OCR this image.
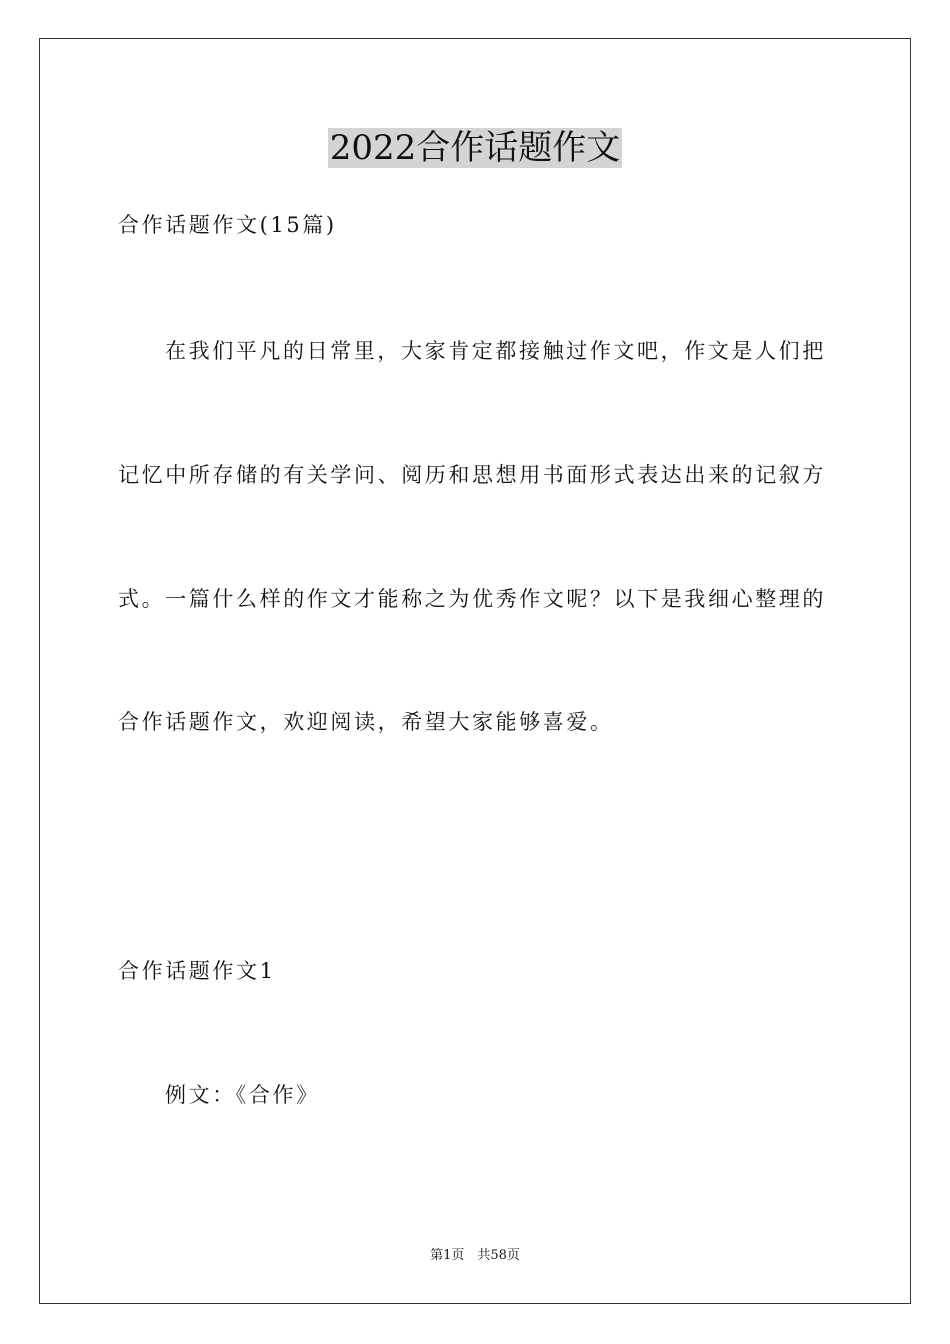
2022合作话题作文

合作话题作文(15篇)

在我们平凡的日常里，大家肯定都接触过作文吧，作文是人们把

记忆中所存储的有关学问、阅历和思想用书面形式表达出来的记叙方

式。一篇什么样的作文才能称之为优秀作文呢？以下是我细心整理的

合作话题作文，欢迎阅读，希望大家能够喜爱。

合作话题作文1

例文：《合作》

第1页　共58页
